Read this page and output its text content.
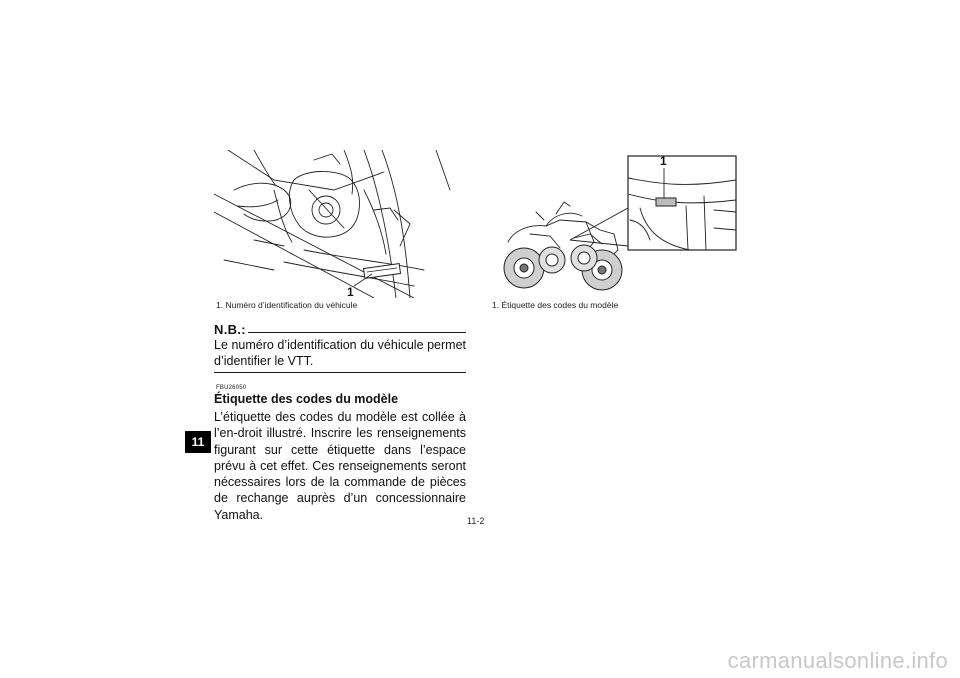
1
1. Numéro d’identification du véhicule
1
1. Étiquette des codes du modèle
N.B.:
Le numéro d’identification du véhicule permet d’identifier le VTT.
FBU26050
Étiquette des codes du modèle
L’étiquette des codes du modèle est collée à l’en-droit illustré. Inscrire les renseignements figurant sur cette étiquette dans l’espace prévu à cet effet. Ces renseignements seront nécessaires lors de la commande de pièces de rechange auprès d’un concessionnaire Yamaha.
11
11-2
carmanualsonline.info
